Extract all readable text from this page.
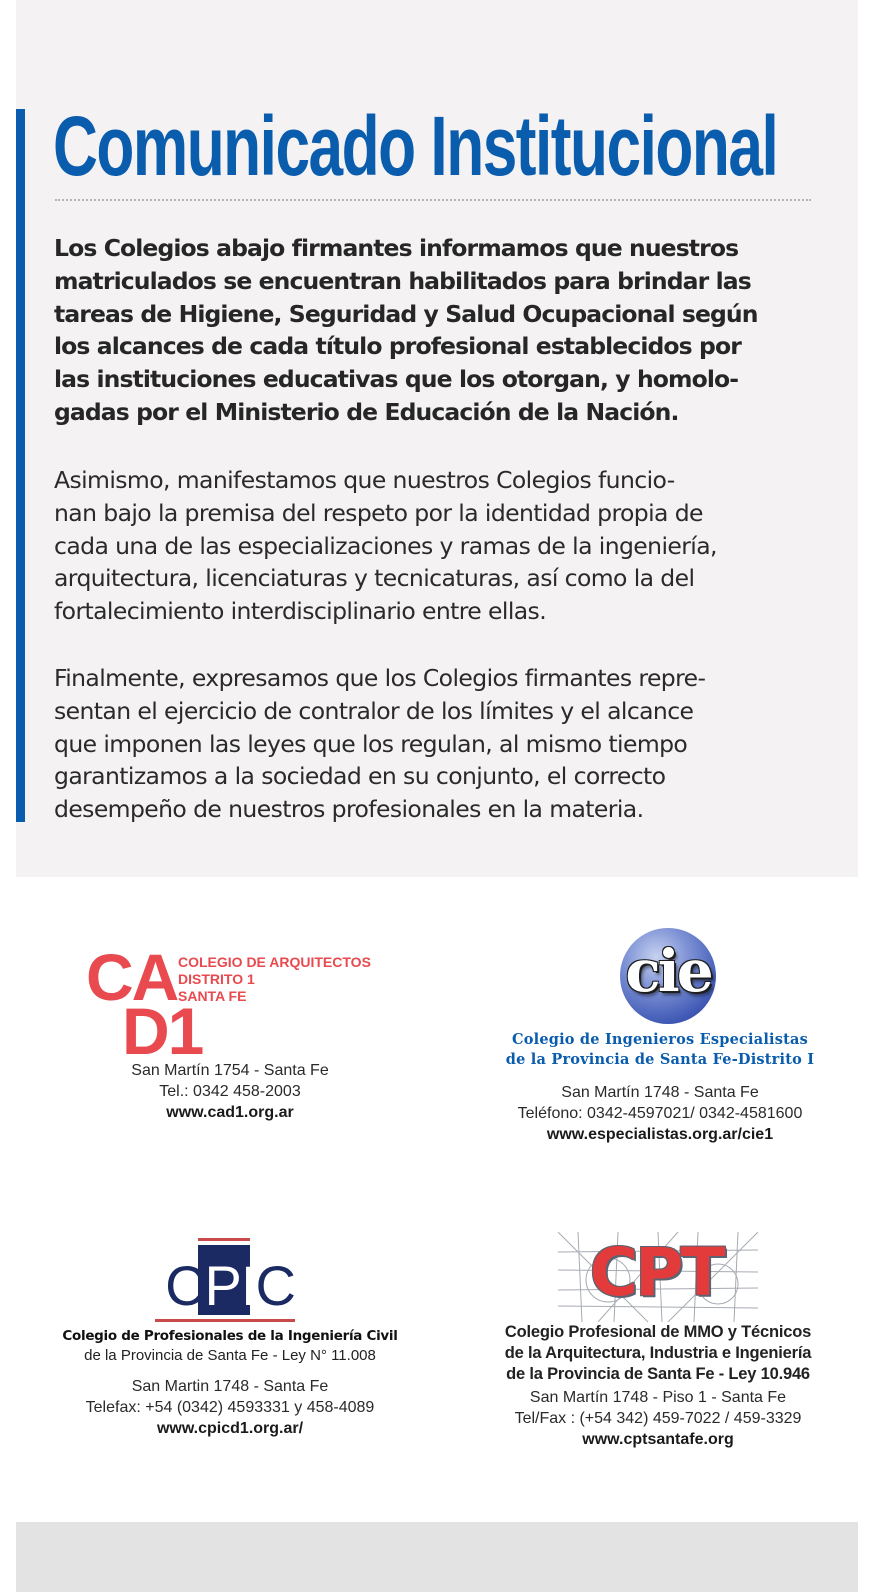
Comunicado Institucional
Los Colegios abajo firmantes informamos que nuestros
matriculados se encuentran habilitados para brindar las
tareas de Higiene, Seguridad y Salud Ocupacional según
los alcances de cada título profesional establecidos por
las instituciones educativas que los otorgan, y homolo-
gadas por el Ministerio de Educación de la Nación.
Asimismo, manifestamos que nuestros Colegios funcio-
nan bajo la premisa del respeto por la identidad propia de
cada una de las especializaciones y ramas de la ingeniería,
arquitectura, licenciaturas y tecnicaturas, así como la del
fortalecimiento interdisciplinario entre ellas.
Finalmente, expresamos que los Colegios firmantes repre-
sentan el ejercicio de contralor de los límites y el alcance
que imponen las leyes que los regulan, al mismo tiempo
garantizamos a la sociedad en su conjunto, el correcto
desempeño de nuestros profesionales en la materia.
CA
D1
COLEGIO DE ARQUITECTOS
DISTRITO 1
SANTA FE
San Martín 1754 - Santa Fe
Tel.: 0342 458-2003
www.cad1.org.ar
cie
Colegio de Ingenieros Especialistas
de la Provincia de Santa Fe-Distrito I
San Martín 1748 - Santa Fe
Teléfono: 0342-4597021/ 0342-4581600
www.especialistas.org.ar/cie1
CPIC
Colegio de Profesionales de la Ingeniería Civil
de la Provincia de Santa Fe - Ley N° 11.008
San Martin 1748 - Santa Fe
Telefax: +54 (0342) 4593331 y 458-4089
www.cpicd1.org.ar/
CPT
Colegio Profesional de MMO y Técnicos
de la Arquitectura, Industria e Ingeniería
de la Provincia de Santa Fe - Ley 10.946
San Martín 1748 - Piso 1 - Santa Fe
Tel/Fax : (+54 342) 459-7022 / 459-3329
www.cptsantafe.org
